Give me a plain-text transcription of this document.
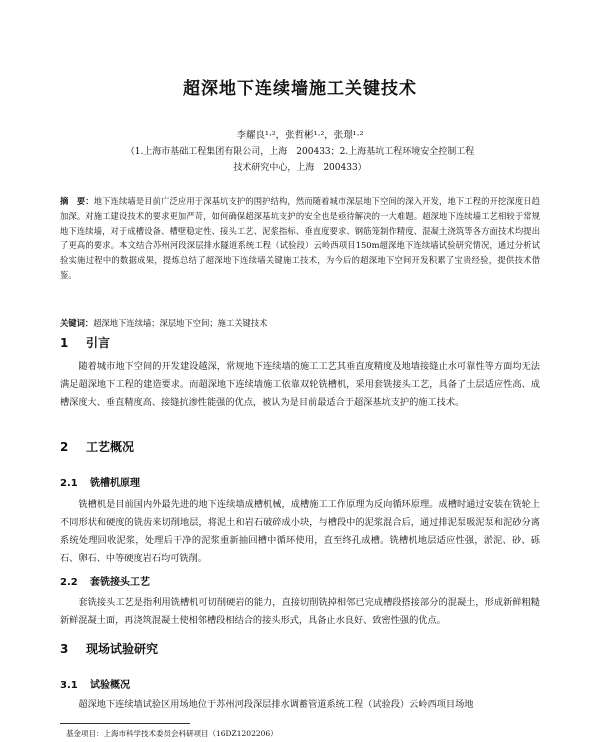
超深地下连续墙施工关键技术
李耀良¹·²，张哲彬¹·²，张璟¹·²
（1.上海市基础工程集团有限公司，上海　200433；2.上海基坑工程环境安全控制工程
技术研究中心，上海　200433）
摘　要：地下连续墙是目前广泛应用于深基坑支护的围护结构，然而随着城市深层地下空间的深入开发，地下工程的开挖深度日趋加深。对施工建设技术的要求更加严苛，如何确保超深基坑支护的安全也是亟待解决的一大难题。超深地下连续墙工艺相较于常规地下连续墙，对于成槽设备、槽壁稳定性、接头工艺、泥浆指标、垂直度要求、钢筋笼制作精度、混凝土浇筑等各方面技术均提出了更高的要求。本文结合苏州河段深层排水隧道系统工程（试验段）云岭西项目150m超深地下连续墙试验研究情况，通过分析试验实施过程中的数据成果，提炼总结了超深地下连续墙关键施工技术，为今后的超深地下空间开发积累了宝贵经验，提供技术借鉴。
关键词：超深地下连续墙；深层地下空间；施工关键技术
1 引言
随着城市地下空间的开发建设越深，常规地下连续墙的施工工艺其垂直度精度及地墙接缝止水可靠性等方面均无法满足超深地下工程的建造要求。而超深地下连续墙施工依靠双轮铣槽机，采用套铣接头工艺，具备了土层适应性高、成槽深度大、垂直精度高、接缝抗渗性能强的优点，被认为是目前最适合于超深基坑支护的施工技术。
2 工艺概况
2.1 铣槽机原理
铣槽机是目前国内外最先进的地下连续墙成槽机械，成槽施工工作原理为反向循环原理。成槽时通过安装在铣轮上不同形状和硬度的铣齿来切削地层，将泥土和岩石破碎成小块，与槽段中的泥浆混合后，通过排泥泵吸泥泵和泥砂分离系统处理回收泥浆，处理后干净的泥浆重新抽回槽中循环使用，直至终孔成槽。铣槽机地层适应性强，淤泥、砂、砾石、卵石、中等硬度岩石均可铣削。
2.2 套铣接头工艺
套铣接头工艺是指利用铣槽机可切削硬岩的能力，直接切削铣掉相邻已完成槽段搭接部分的混凝土，形成新鲜粗糙新鲜混凝土面，再浇筑混凝土使相邻槽段相结合的接头形式，具备止水良好、致密性强的优点。
3 现场试验研究
3.1 试验概况
超深地下连续墙试验区用场地位于苏州河段深层排水调蓄管道系统工程（试验段）云岭西项目场地
基金项目：上海市科学技术委员会科研项目（16DZ1202206）
